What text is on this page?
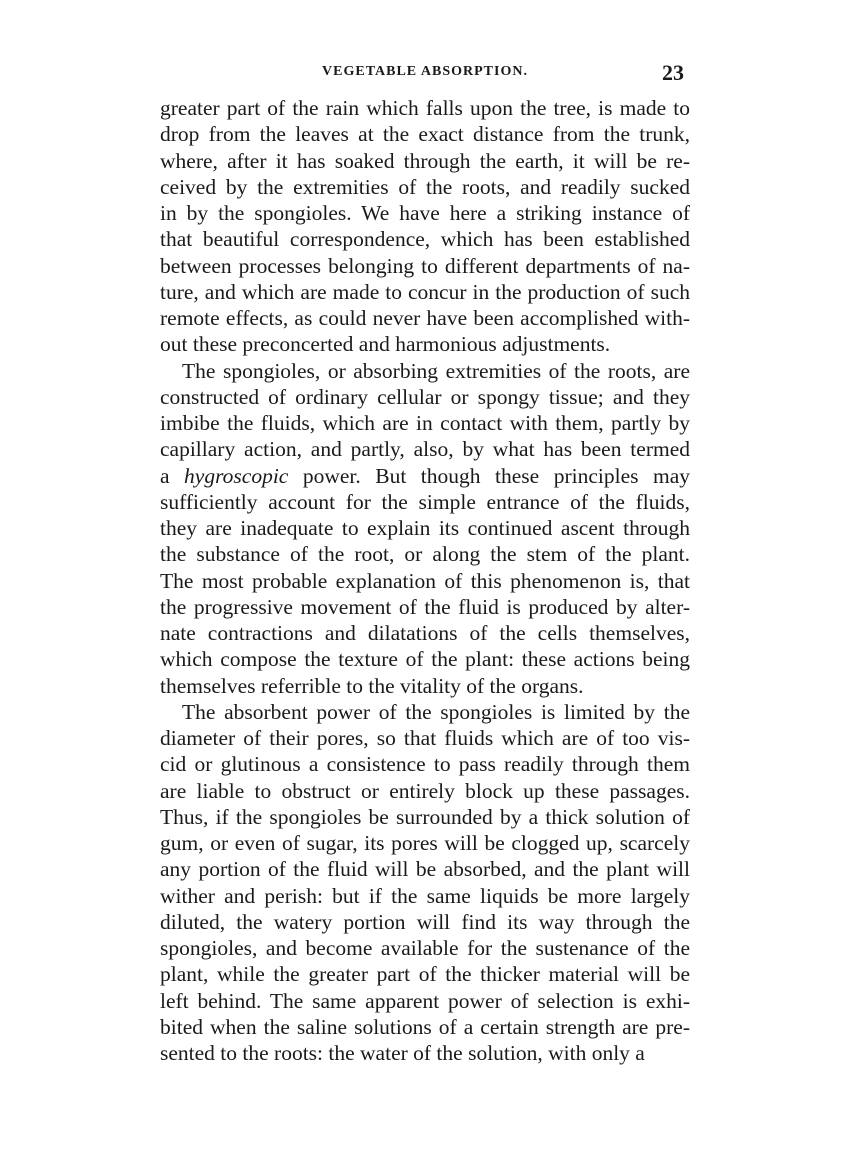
VEGETABLE ABSORPTION.	23
greater part of the rain which falls upon the tree, is made to
drop from the leaves at the exact distance from the trunk,
where, after it has soaked through the earth, it will be re-
ceived by the extremities of the roots, and readily sucked
in by the spongioles. We have here a striking instance of
that beautiful correspondence, which has been established
between processes belonging to different departments of na-
ture, and which are made to concur in the production of such
remote effects, as could never have been accomplished with-
out these preconcerted and harmonious adjustments.
The spongioles, or absorbing extremities of the roots, are
constructed of ordinary cellular or spongy tissue; and they
imbibe the fluids, which are in contact with them, partly by
capillary action, and partly, also, by what has been termed
a hygroscopic power. But though these principles may
sufficiently account for the simple entrance of the fluids,
they are inadequate to explain its continued ascent through
the substance of the root, or along the stem of the plant.
The most probable explanation of this phenomenon is, that
the progressive movement of the fluid is produced by alter-
nate contractions and dilatations of the cells themselves,
which compose the texture of the plant: these actions being
themselves referrible to the vitality of the organs.
The absorbent power of the spongioles is limited by the
diameter of their pores, so that fluids which are of too vis-
cid or glutinous a consistence to pass readily through them
are liable to obstruct or entirely block up these passages.
Thus, if the spongioles be surrounded by a thick solution of
gum, or even of sugar, its pores will be clogged up, scarcely
any portion of the fluid will be absorbed, and the plant will
wither and perish: but if the same liquids be more largely
diluted, the watery portion will find its way through the
spongioles, and become available for the sustenance of the
plant, while the greater part of the thicker material will be
left behind. The same apparent power of selection is exhi-
bited when the saline solutions of a certain strength are pre-
sented to the roots: the water of the solution, with only a
